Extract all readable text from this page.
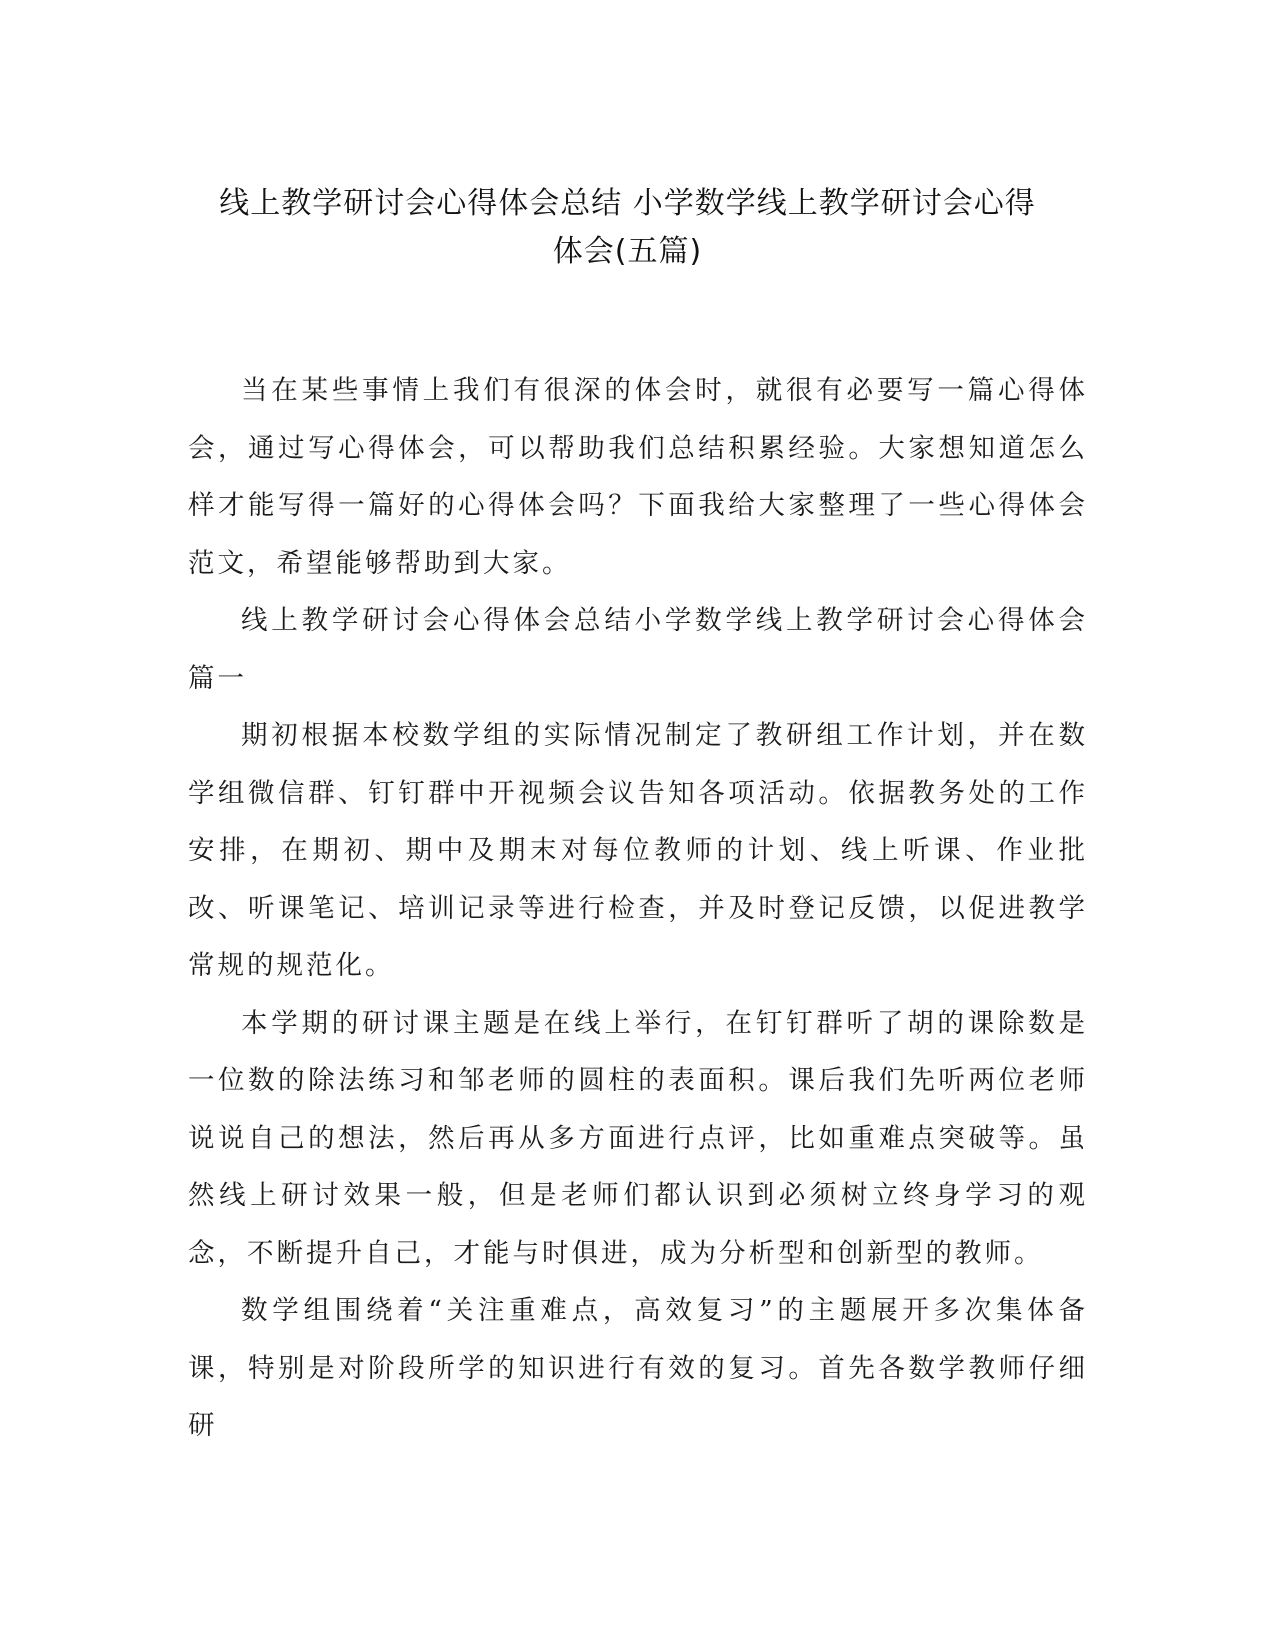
线上教学研讨会心得体会总结 小学数学线上教学研讨会心得
体会(五篇)

当在某些事情上我们有很深的体会时，就很有必要写一篇心得体会，通过写心得体会，可以帮助我们总结积累经验。大家想知道怎么样才能写得一篇好的心得体会吗？下面我给大家整理了一些心得体会范文，希望能够帮助到大家。

线上教学研讨会心得体会总结小学数学线上教学研讨会心得体会篇一

期初根据本校数学组的实际情况制定了教研组工作计划，并在数学组微信群、钉钉群中开视频会议告知各项活动。依据教务处的工作安排，在期初、期中及期末对每位教师的计划、线上听课、作业批改、听课笔记、培训记录等进行检查，并及时登记反馈，以促进教学常规的规范化。

本学期的研讨课主题是在线上举行，在钉钉群听了胡的课除数是一位数的除法练习和邹老师的圆柱的表面积。课后我们先听两位老师说说自己的想法，然后再从多方面进行点评，比如重难点突破等。虽然线上研讨效果一般，但是老师们都认识到必须树立终身学习的观念，不断提升自己，才能与时俱进，成为分析型和创新型的教师。

数学组围绕着“关注重难点，高效复习”的主题展开多次集体备课，特别是对阶段所学的知识进行有效的复习。首先各数学教师仔细研
